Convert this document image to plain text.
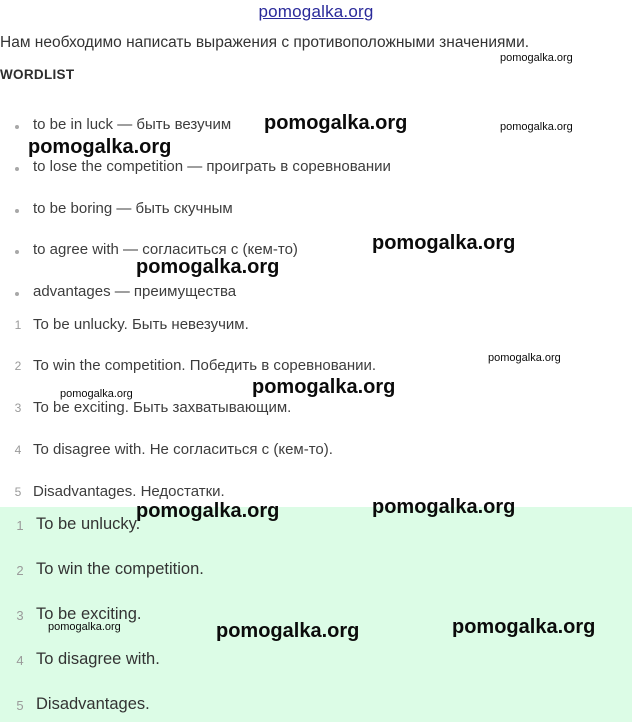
pomogalka.org
Нам необходимо написать выражения с противоположными значениями.
WORDLIST
to be in luck — быть везучим
to lose the competition — проиграть в соревновании
to be boring — быть скучным
to agree with — согласиться с (кем-то)
advantages — преимущества
1 To be unlucky. Быть невезучим.
2 To win the competition. Победить в соревновании.
3 To be exciting. Быть захватывающим.
4 To disagree with. Не согласиться с (кем-то).
5 Disadvantages. Недостатки.
1 To be unlucky.
2 To win the competition.
3 To be exciting.
4 To disagree with.
5 Disadvantages.
pomogalka.org
pomogalka.org	pomogalka.org
pomogalka.org
pomogalka.org
pomogalka.org
pomogalka.org
pomogalka.org
pomogalka.org
pomogalka.org
pomogalka.org
pomogalka.org	pomogalka.org
pomogalka.org
